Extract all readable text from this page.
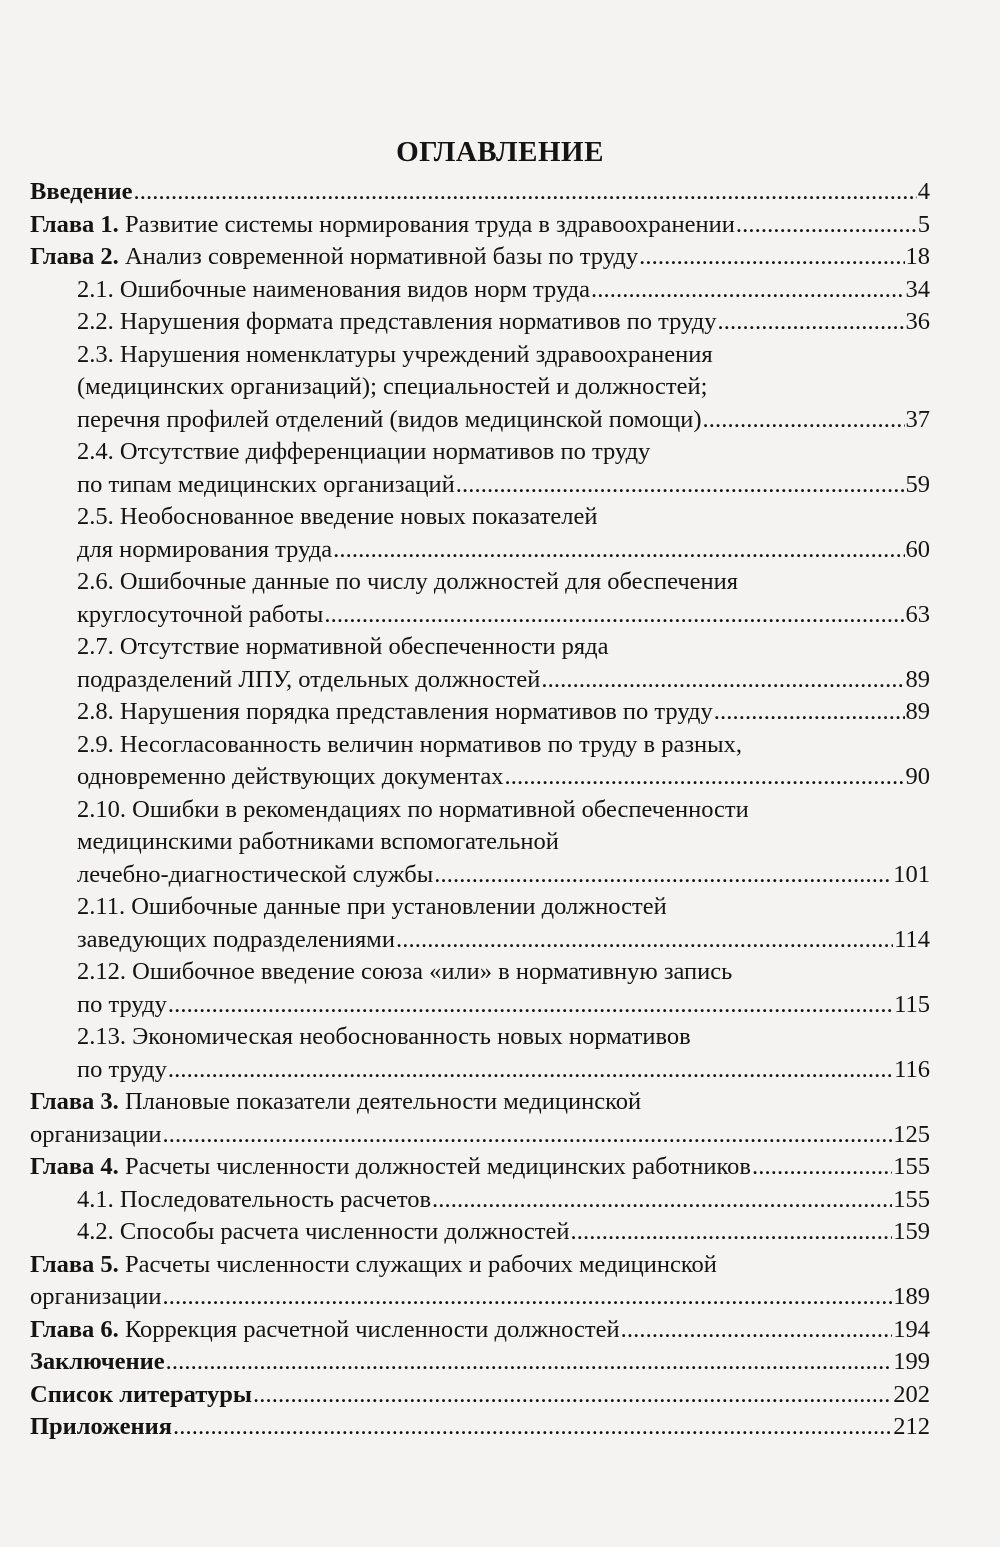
ОГЛАВЛЕНИЕ
Введение . . .	4
Глава 1. Развитие системы нормирования труда в здравоохранении . . .	5
Глава 2. Анализ современной нормативной базы по труду . . .	18
2.1. Ошибочные наименования видов норм труда . . .	34
2.2. Нарушения формата представления нормативов по труду . . .	36
2.3. Нарушения номенклатуры учреждений здравоохранения
(медицинских организаций); специальностей и должностей;
перечня профилей отделений (видов медицинской помощи) . . .	37
2.4. Отсутствие дифференциации нормативов по труду
по типам медицинских организаций . . .	59
2.5. Необоснованное введение новых показателей
для нормирования труда . . .	60
2.6. Ошибочные данные по числу должностей для обеспечения
круглосуточной работы . . .	63
2.7. Отсутствие нормативной обеспеченности ряда
подразделений ЛПУ, отдельных должностей . . .	89
2.8. Нарушения порядка представления нормативов по труду . . .	89
2.9. Несогласованность величин нормативов по труду в разных,
одновременно действующих документах . . .	90
2.10. Ошибки в рекомендациях по нормативной обеспеченности
медицинскими работниками вспомогательной
лечебно-диагностической службы . . .	101
2.11. Ошибочные данные при установлении должностей
заведующих подразделениями . . .	114
2.12. Ошибочное введение союза «или» в нормативную запись
по труду . . .	115
2.13. Экономическая необоснованность новых нормативов
по труду . . .	116
Глава 3. Плановые показатели деятельности медицинской
организации . . .	125
Глава 4. Расчеты численности должностей медицинских работников . . .	155
4.1. Последовательность расчетов . . .	155
4.2. Способы расчета численности должностей . . .	159
Глава 5. Расчеты численности служащих и рабочих медицинской
организации . . .	189
Глава 6. Коррекция расчетной численности должностей . . .	194
Заключение . . .	199
Список литературы . . .	202
Приложения . . .	212
